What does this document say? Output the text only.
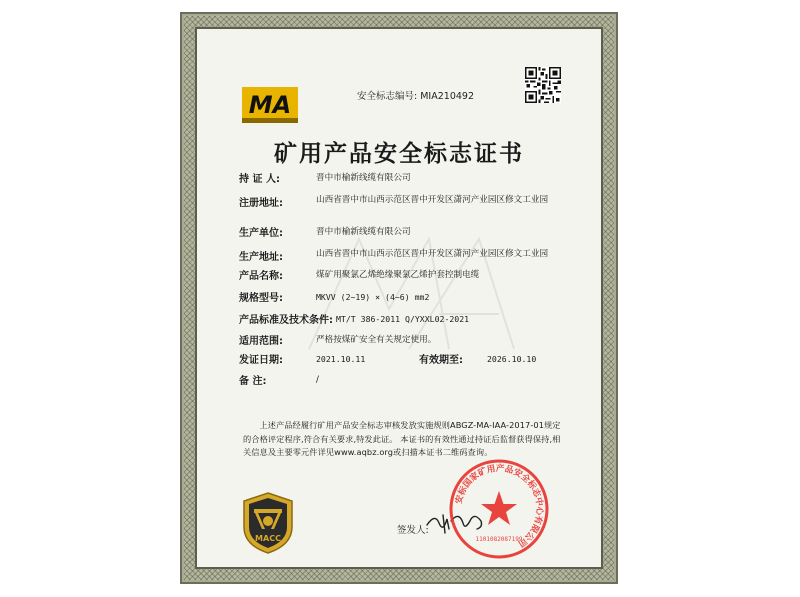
MA	安全标志编号: MIA210492
矿用产品安全标志证书
持 证 人:	晋中市榆新线缆有限公司
注册地址:	山西省晋中市山西示范区晋中开发区潇河产业园区修文工业园
生产单位:	晋中市榆新线缆有限公司
生产地址:	山西省晋中市山西示范区晋中开发区潇河产业园区修文工业园
产品名称:	煤矿用聚氯乙烯绝缘聚氯乙烯护套控制电缆
规格型号:	MKVV (2~19) × (4~6) mm2
产品标准及技术条件: MT/T 386-2011 Q/YXXL02-2021
适用范围:	严格按煤矿安全有关规定使用。
发证日期:	2021.10.11	有效期至:	2026.10.10
备 注:	/
上述产品经履行矿用产品安全标志审核发放实施规则ABGZ-MA-IAA-2017-01规定的合格评定程序,符合有关要求,特发此证。 本证书的有效性通过持证后监督获得保持,相关信息及主要零元件详见www.aqbz.org或扫描本证书二维码查询。
MACC
签发人:
安标国家矿用产品安全标志中心有限公司
1101082087199
